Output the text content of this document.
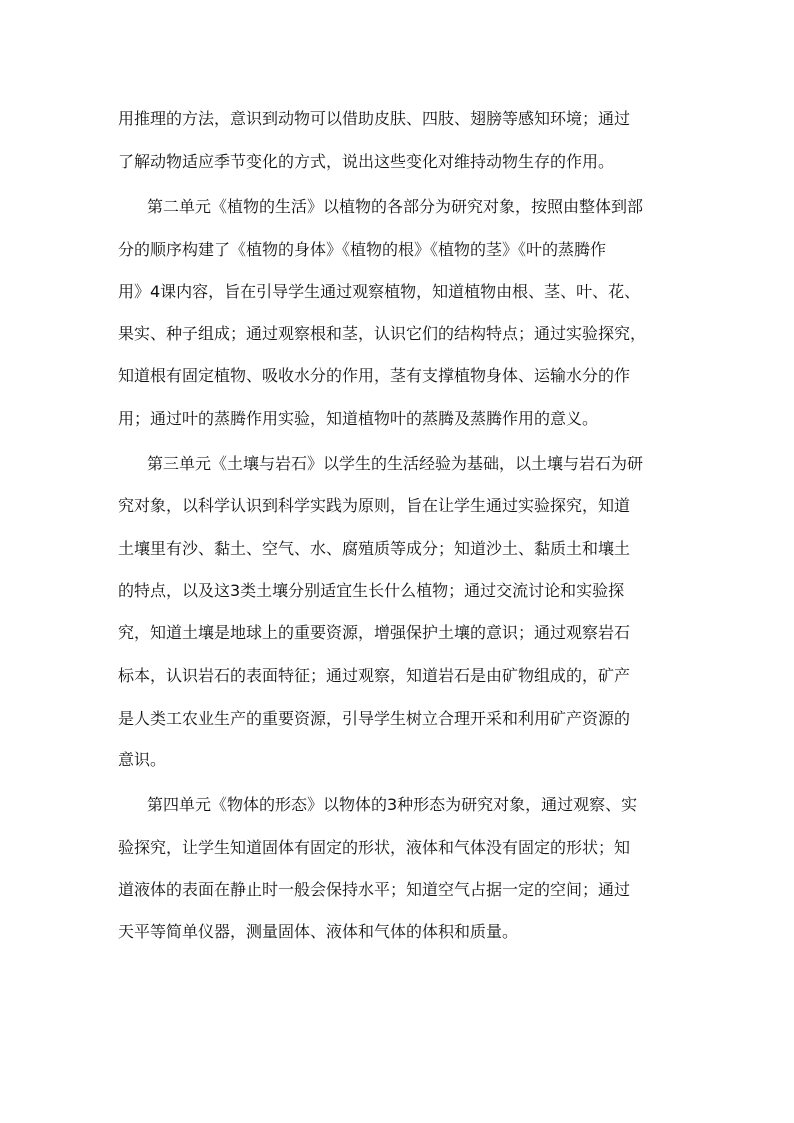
用推理的方法，意识到动物可以借助皮肤、四肢、翅膀等感知环境；通过
了解动物适应季节变化的方式，说出这些变化对维持动物生存的作用。
第二单元《植物的生活》以植物的各部分为研究对象，按照由整体到部
分的顺序构建了《植物的身体》《植物的根》《植物的茎》《叶的蒸腾作
用》4课内容，旨在引导学生通过观察植物，知道植物由根、茎、叶、花、
果实、种子组成；通过观察根和茎，认识它们的结构特点；通过实验探究，
知道根有固定植物、吸收水分的作用，茎有支撑植物身体、运输水分的作
用；通过叶的蒸腾作用实验，知道植物叶的蒸腾及蒸腾作用的意义。
第三单元《土壤与岩石》以学生的生活经验为基础，以土壤与岩石为研
究对象，以科学认识到科学实践为原则，旨在让学生通过实验探究，知道
土壤里有沙、黏土、空气、水、腐殖质等成分；知道沙土、黏质土和壤土
的特点，以及这3类土壤分别适宜生长什么植物；通过交流讨论和实验探
究，知道土壤是地球上的重要资源，增强保护土壤的意识；通过观察岩石
标本，认识岩石的表面特征；通过观察，知道岩石是由矿物组成的，矿产
是人类工农业生产的重要资源，引导学生树立合理开采和利用矿产资源的
意识。
第四单元《物体的形态》以物体的3种形态为研究对象，通过观察、实
验探究，让学生知道固体有固定的形状，液体和气体没有固定的形状；知
道液体的表面在静止时一般会保持水平；知道空气占据一定的空间；通过
天平等简单仪器，测量固体、液体和气体的体积和质量。
